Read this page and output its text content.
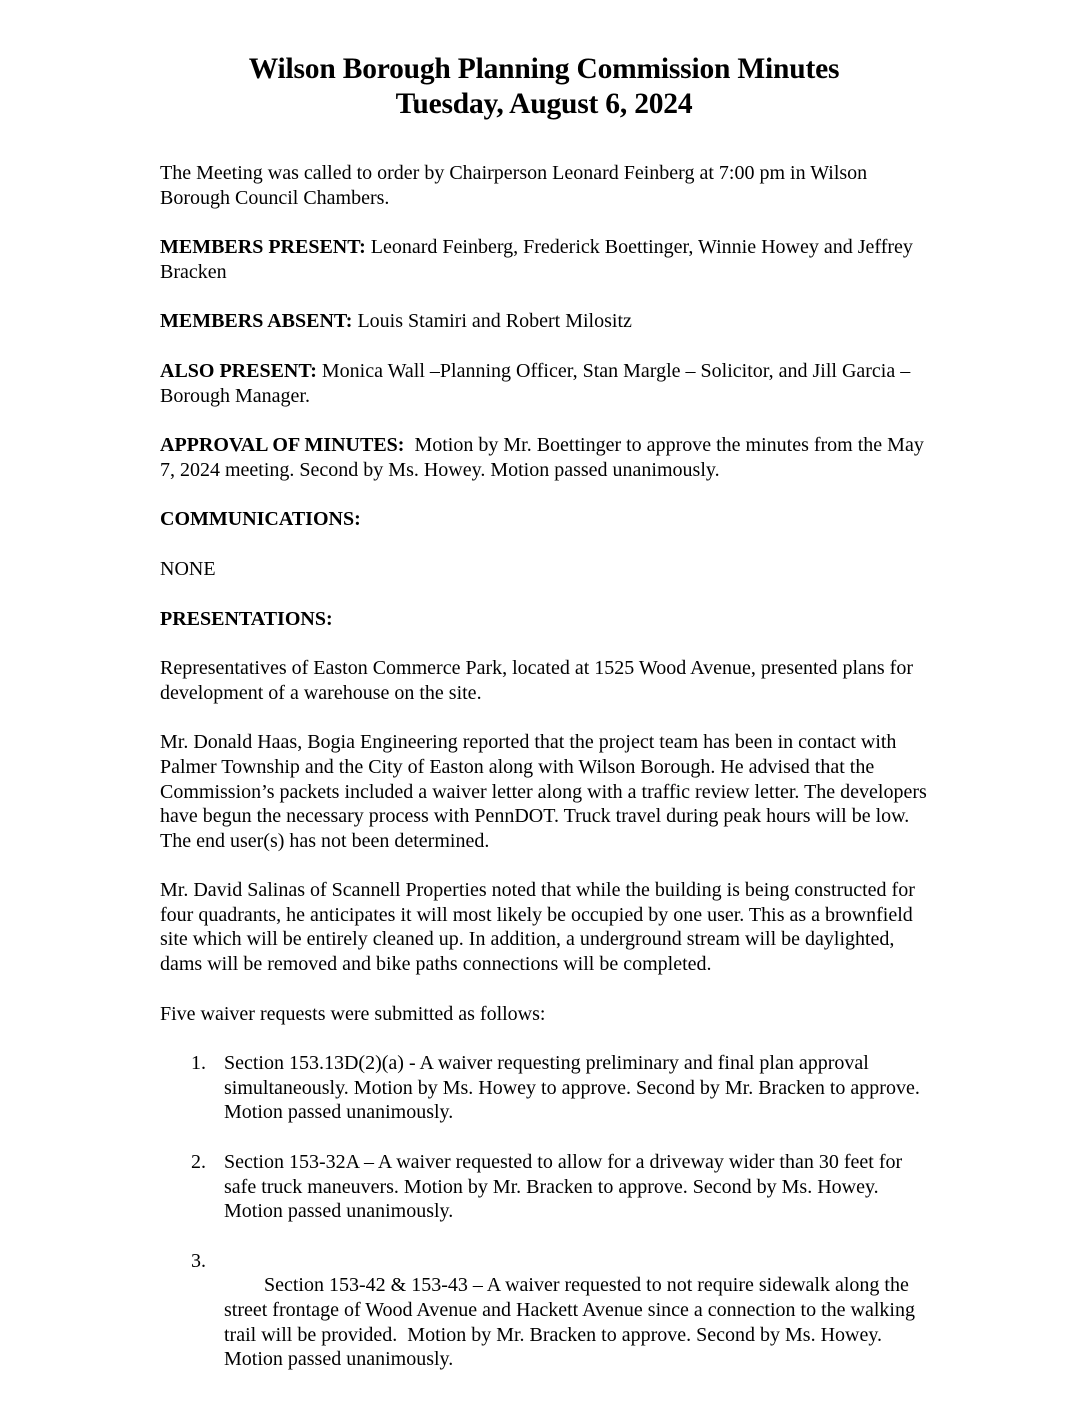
Wilson Borough Planning Commission Minutes
Tuesday, August 6, 2024

The Meeting was called to order by Chairperson Leonard Feinberg at 7:00 pm in Wilson Borough Council Chambers.

MEMBERS PRESENT: Leonard Feinberg, Frederick Boettinger, Winnie Howey and Jeffrey Bracken

MEMBERS ABSENT: Louis Stamiri and Robert Milositz

ALSO PRESENT: Monica Wall –Planning Officer, Stan Margle – Solicitor, and Jill Garcia – Borough Manager.

APPROVAL OF MINUTES:  Motion by Mr. Boettinger to approve the minutes from the May 7, 2024 meeting. Second by Ms. Howey. Motion passed unanimously.

COMMUNICATIONS:

NONE

PRESENTATIONS:

Representatives of Easton Commerce Park, located at 1525 Wood Avenue, presented plans for development of a warehouse on the site.

Mr. Donald Haas, Bogia Engineering reported that the project team has been in contact with Palmer Township and the City of Easton along with Wilson Borough. He advised that the Commission’s packets included a waiver letter along with a traffic review letter. The developers have begun the necessary process with PennDOT. Truck travel during peak hours will be low. The end user(s) has not been determined.

Mr. David Salinas of Scannell Properties noted that while the building is being constructed for four quadrants, he anticipates it will most likely be occupied by one user. This as a brownfield site which will be entirely cleaned up. In addition, a underground stream will be daylighted, dams will be removed and bike paths connections will be completed.

Five waiver requests were submitted as follows:

1. Section 153.13D(2)(a) - A waiver requesting preliminary and final plan approval simultaneously. Motion by Ms. Howey to approve. Second by Mr. Bracken to approve. Motion passed unanimously.
2. Section 153-32A – A waiver requested to allow for a driveway wider than 30 feet for safe truck maneuvers. Motion by Mr. Bracken to approve. Second by Ms. Howey. Motion passed unanimously.

3.
Section 153-42 & 153-43 – A waiver requested to not require sidewalk along the street frontage of Wood Avenue and Hackett Avenue since a connection to the walking trail will be provided.  Motion by Mr. Bracken to approve. Second by Ms. Howey. Motion passed unanimously.
